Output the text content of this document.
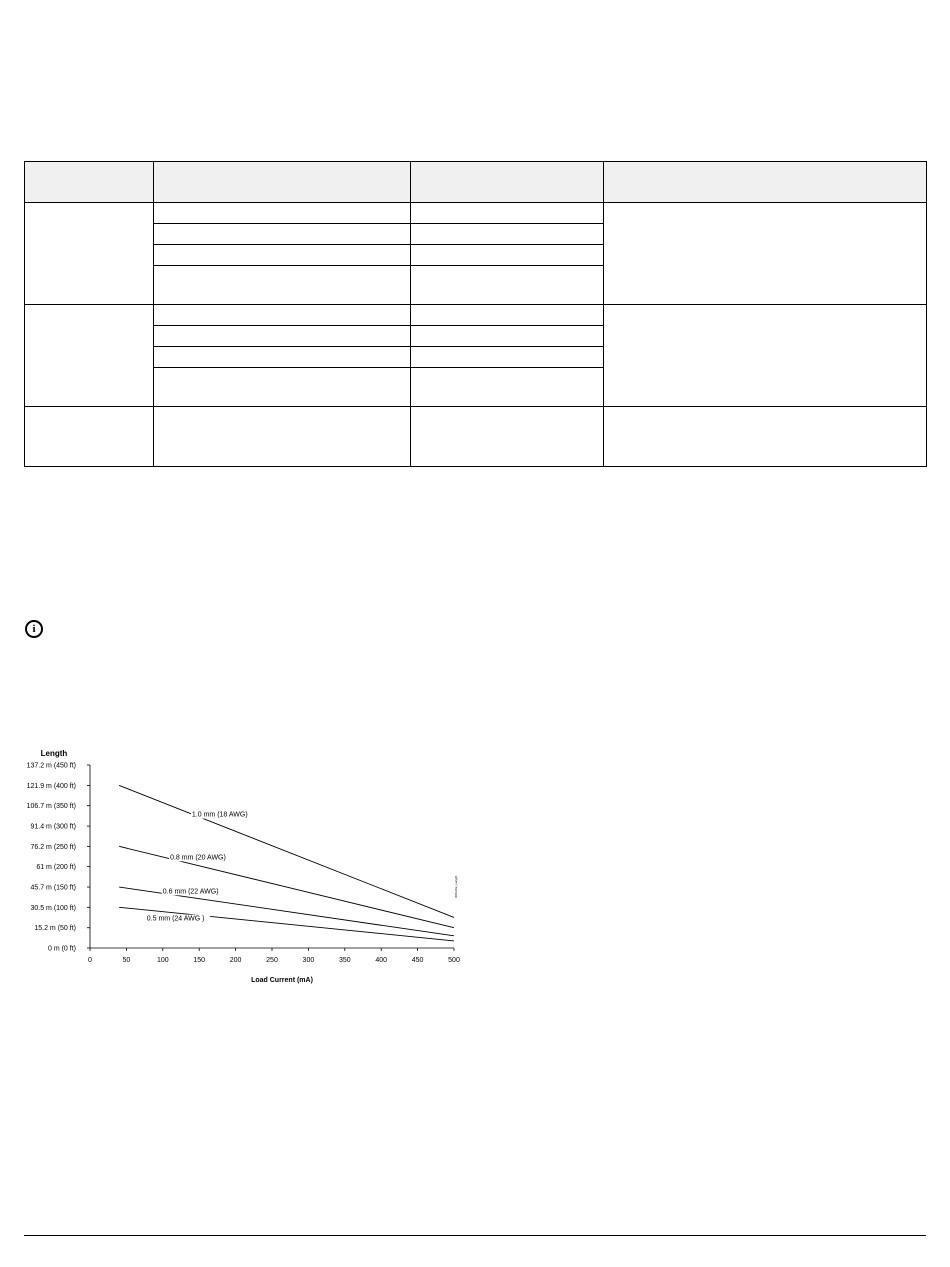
i
Length
Load Current (mA)
IIRCoNe_Length
0 m (0 ft)
15.2 m (50 ft)
30.5 m (100 ft)
45.7 m (150 ft)
61 m (200 ft)
76.2 m (250 ft)
91.4 m (300 ft)
106.7 m (350 ft)
121.9 m (400 ft)
137.2 m (450 ft)
0	50	100	150	200	250	300	350	400	450	500
1.0 mm (18 AWG)
0.8 mm (20 AWG)
0.6 mm (22 AWG)
0.5 mm (24 AWG )
